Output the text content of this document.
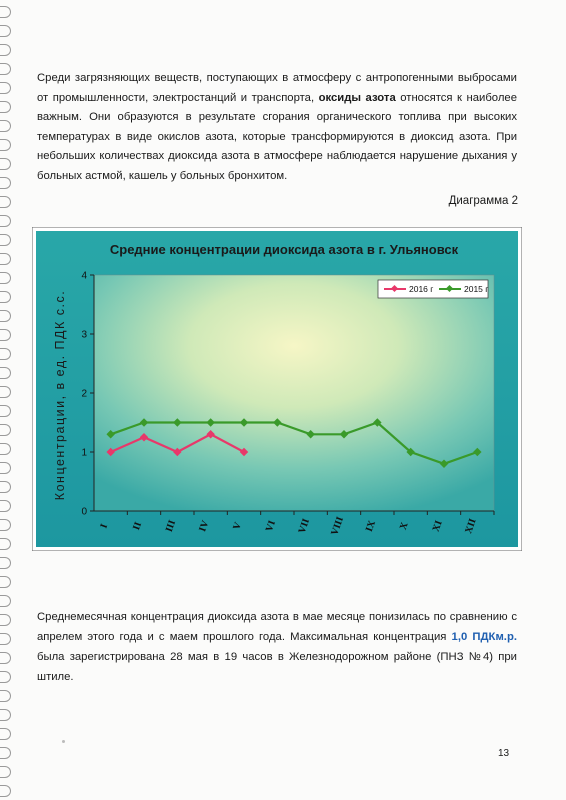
Среди загрязняющих веществ, поступающих в атмосферу с антропогенными выбросами от промышленности, электростанций и транспорта, оксиды азота относятся к наиболее важным. Они образуются в результате сгорания органического топлива при высоких температурах в виде окислов азота, которые трансформируются в диоксид азота. При небольших количествах диоксида азота в атмосфере наблюдается нарушение дыхания у больных астмой, кашель у больных бронхитом.

Диаграмма 2
Средние концентрации диоксида азота в г. Ульяновск
Концентрации, в ед. ПДК с.с.
0
1
2
3
4
I II III IV V VI VII VIII IX X XI XII
2016 г	2015 г

Среднемесячная концентрация диоксида азота в мае месяце понизилась по сравнению с апрелем этого года и с маем прошлого года. Максимальная концентрация 1,0 ПДКм.р. была зарегистрирована 28 мая в 19 часов в Железнодорожном районе (ПНЗ №4) при штиле.

13
